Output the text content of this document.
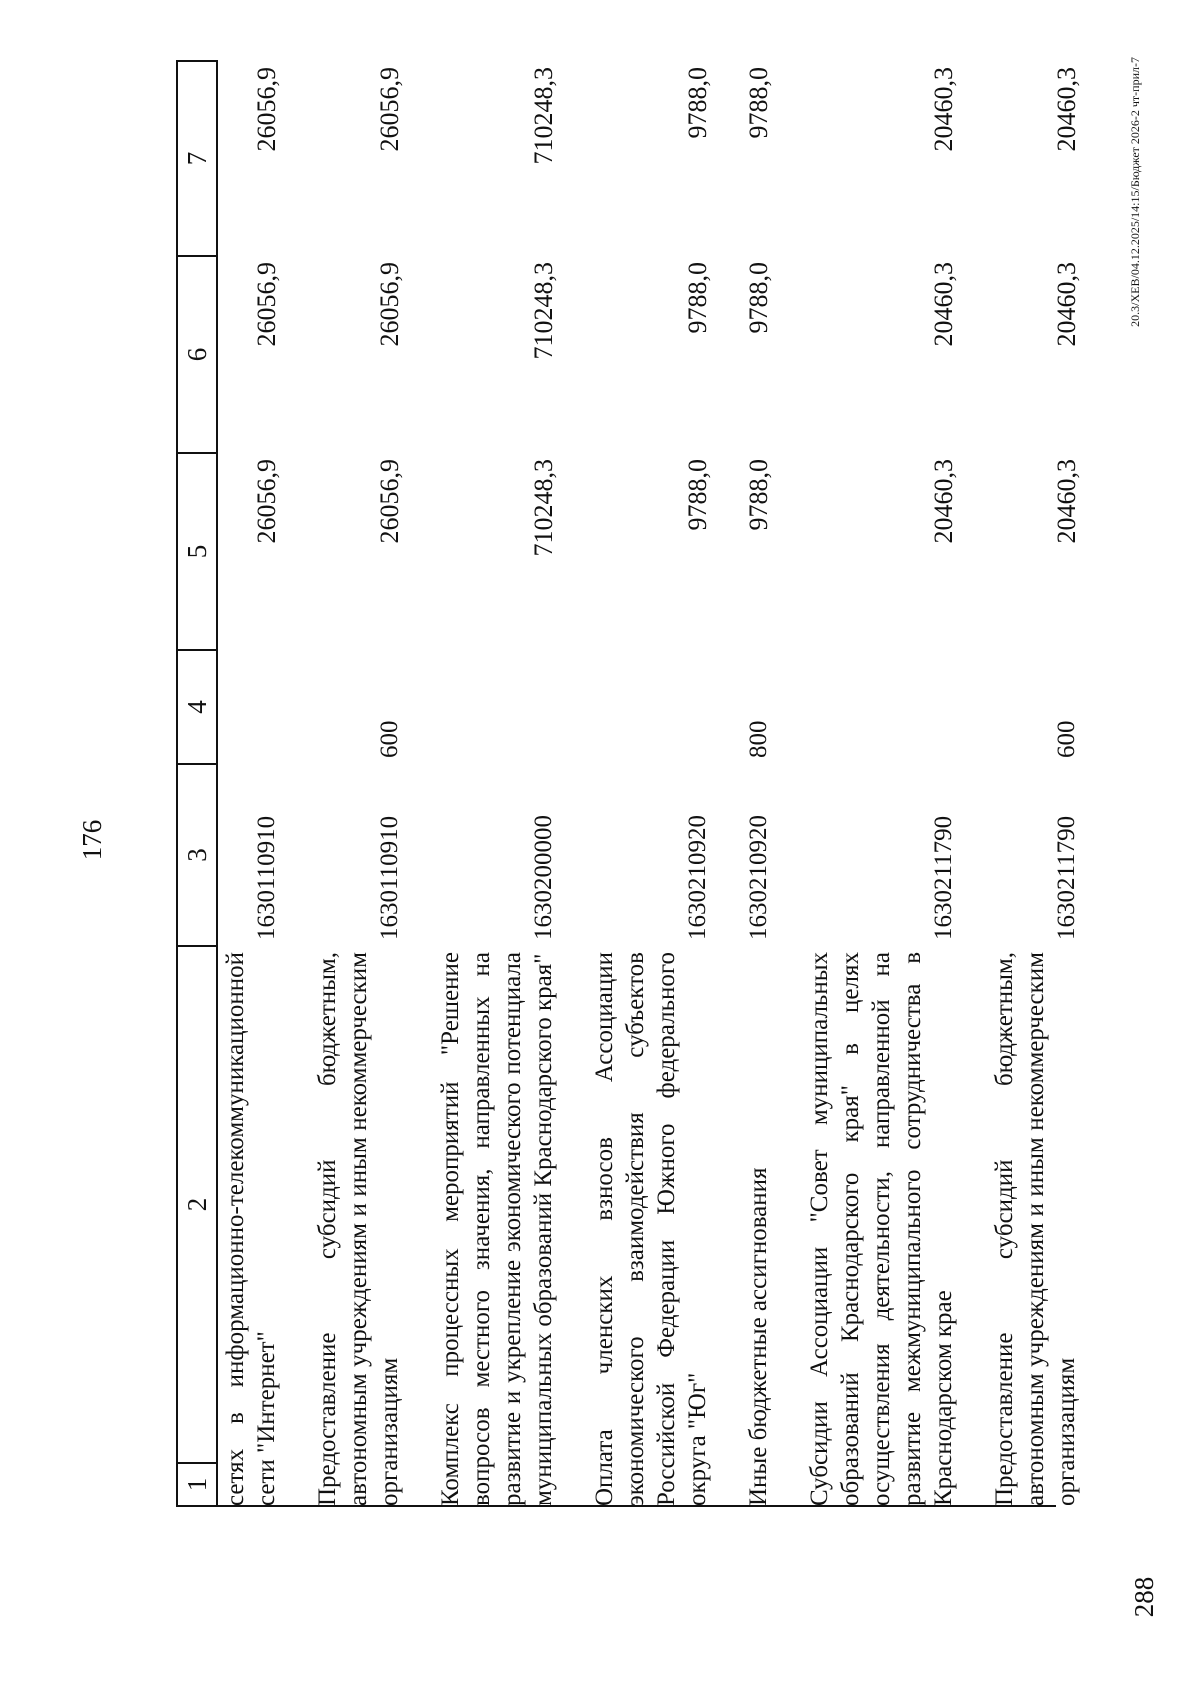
176
1	2	3	4	5	6	7
сетях в информационно-телекоммуникационной сети "Интернет"		1630110910		26056,9	26056,9	26056,9
Предоставление субсидий бюджетным, автономным учреждениям и иным некоммерческим организациям		1630110910	600	26056,9	26056,9	26056,9
Комплекс процессных мероприятий "Решение вопросов местного значения, направленных на развитие и укрепление экономического потенциала муниципальных образований Краснодарского края"		1630200000		710248,3	710248,3	710248,3
Оплата членских взносов Ассоциации экономического взаимодействия субъектов Российской Федерации Южного федерального округа "Юг"		1630210920		9788,0	9788,0	9788,0
Иные бюджетные ассигнования		1630210920	800	9788,0	9788,0	9788,0
Субсидии Ассоциации "Совет муниципальных образований Краснодарского края" в целях осуществления деятельности, направленной на развитие межмуниципального сотрудничества в Краснодарском крае		1630211790		20460,3	20460,3	20460,3
Предоставление субсидий бюджетным, автономным учреждениям и иным некоммерческим организациям		1630211790	600	20460,3	20460,3	20460,3	20.3/ХЕВ/04.12.2025/14:15/Бюджет 2026-2 чт-прил-7
288
